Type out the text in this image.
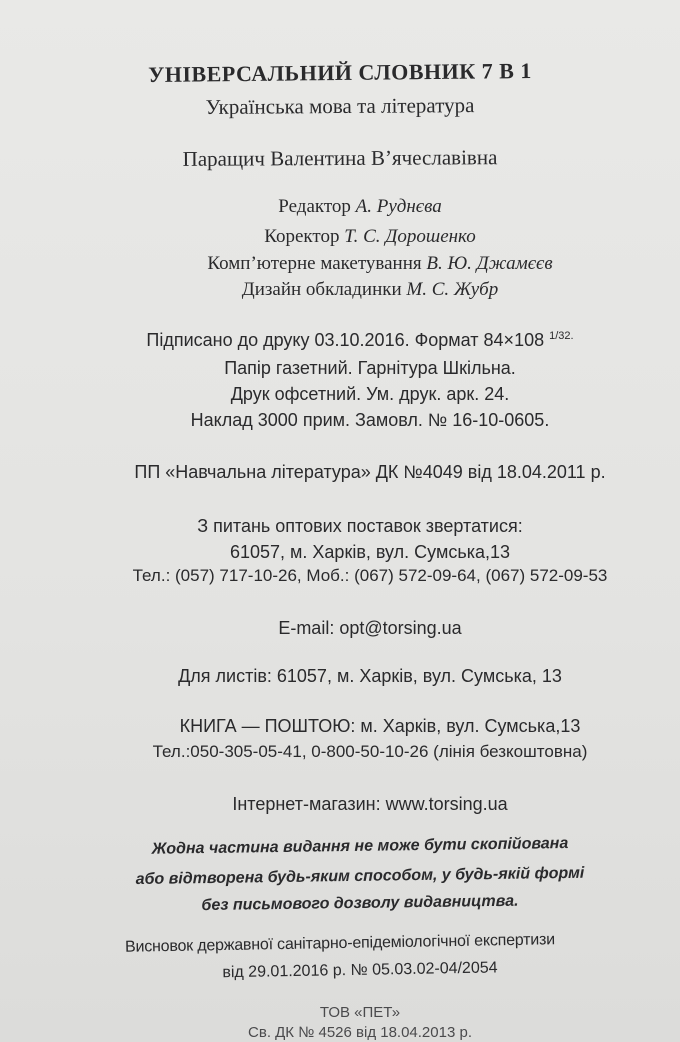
УНІВЕРСАЛЬНИЙ СЛОВНИК 7 В 1
Українська мова та література
Паращич Валентина В’ячеславівна
Редактор А. Руднєва
Коректор Т. С. Дорошенко
Комп’ютерне макетування В. Ю. Джамєєв
Дизайн обкладинки М. С. Жубр
Підписано до друку 03.10.2016. Формат 84×108 $^{1/32.}$
Папір газетний. Гарнітура Шкільна.
Друк офсетний. Ум. друк. арк. 24.
Наклад 3000 прим. Замовл. № 16-10-0605.
ПП «Навчальна література» ДК №4049 від 18.04.2011 р.
З питань оптових поставок звертатися:
61057, м. Харків, вул. Сумська,13
Тел.: (057) 717-10-26, Моб.: (067) 572-09-64, (067) 572-09-53
E-mail: opt@torsing.ua
Для листів: 61057, м. Харків, вул. Сумська, 13
КНИГА — ПОШТОЮ: м. Харків, вул. Сумська,13
Тел.:050-305-05-41, 0-800-50-10-26 (лінія безкоштовна)
Інтернет-магазин: www.torsing.ua
Жодна частина видання не може бути скопійована
або відтворена будь-яким способом, у будь-якій формі
без письмового дозволу видавництва.
Висновок державної санітарно-епідеміологічної експертизи
від 29.01.2016 р. № 05.03.02-04/2054
ТОВ «ПЕТ»
Св. ДК № 4526 від 18.04.2013 р.
